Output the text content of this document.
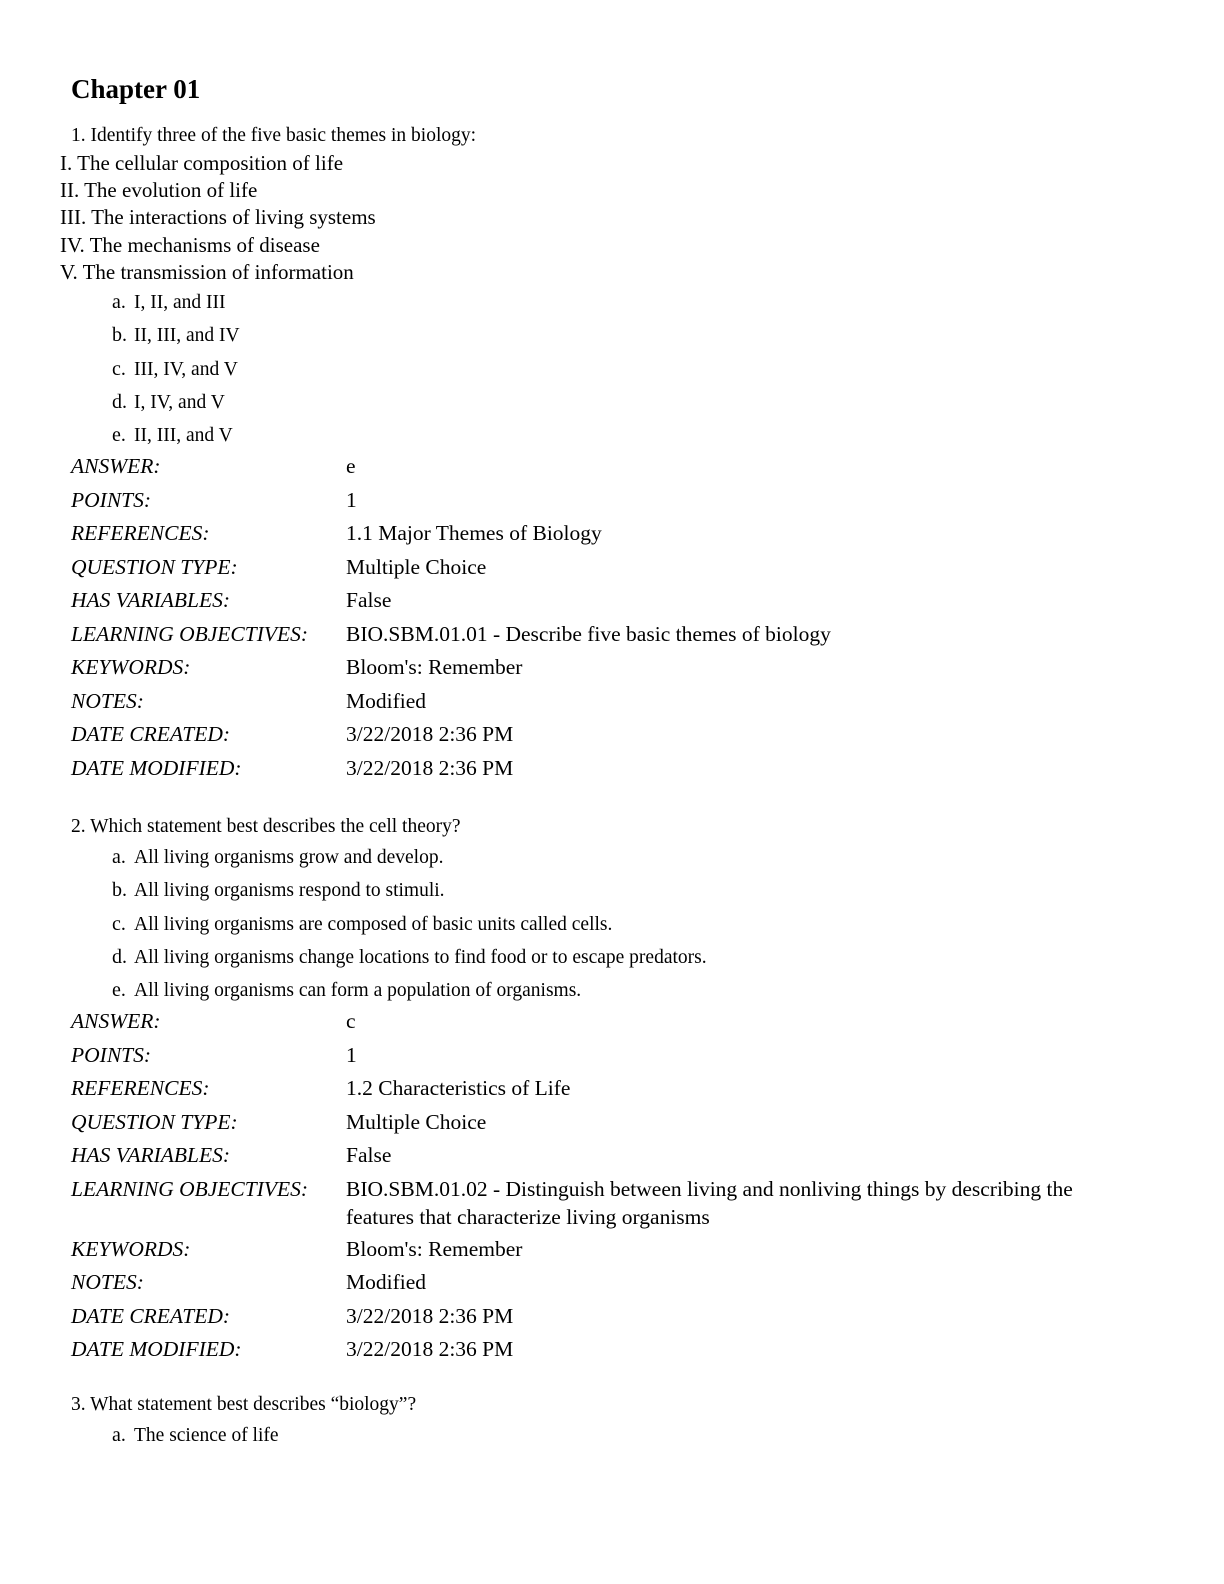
Chapter 01
1. Identify three of the five basic themes in biology:
I. The cellular composition of life
II. The evolution of life
III. The interactions of living systems
IV. The mechanisms of disease
V. The transmission of information
a. I, II, and III
b. II, III, and IV
c. III, IV, and V
d. I, IV, and V
e. II, III, and V
ANSWER:	e
POINTS:	1
REFERENCES:	1.1 Major Themes of Biology
QUESTION TYPE:	Multiple Choice
HAS VARIABLES:	False
LEARNING OBJECTIVES:	BIO.SBM.01.01 - Describe five basic themes of biology
KEYWORDS:	Bloom's: Remember
NOTES:	Modified
DATE CREATED:	3/22/2018 2:36 PM
DATE MODIFIED:	3/22/2018 2:36 PM
2. Which statement best describes the cell theory?
a. All living organisms grow and develop.
b. All living organisms respond to stimuli.
c. All living organisms are composed of basic units called cells.
d. All living organisms change locations to find food or to escape predators.
e. All living organisms can form a population of organisms.
ANSWER:	c
POINTS:	1
REFERENCES:	1.2 Characteristics of Life
QUESTION TYPE:	Multiple Choice
HAS VARIABLES:	False
LEARNING OBJECTIVES:	BIO.SBM.01.02 - Distinguish between living and nonliving things by describing the features that characterize living organisms
KEYWORDS:	Bloom's: Remember
NOTES:	Modified
DATE CREATED:	3/22/2018 2:36 PM
DATE MODIFIED:	3/22/2018 2:36 PM
3. What statement best describes “biology”?
a. The science of life
